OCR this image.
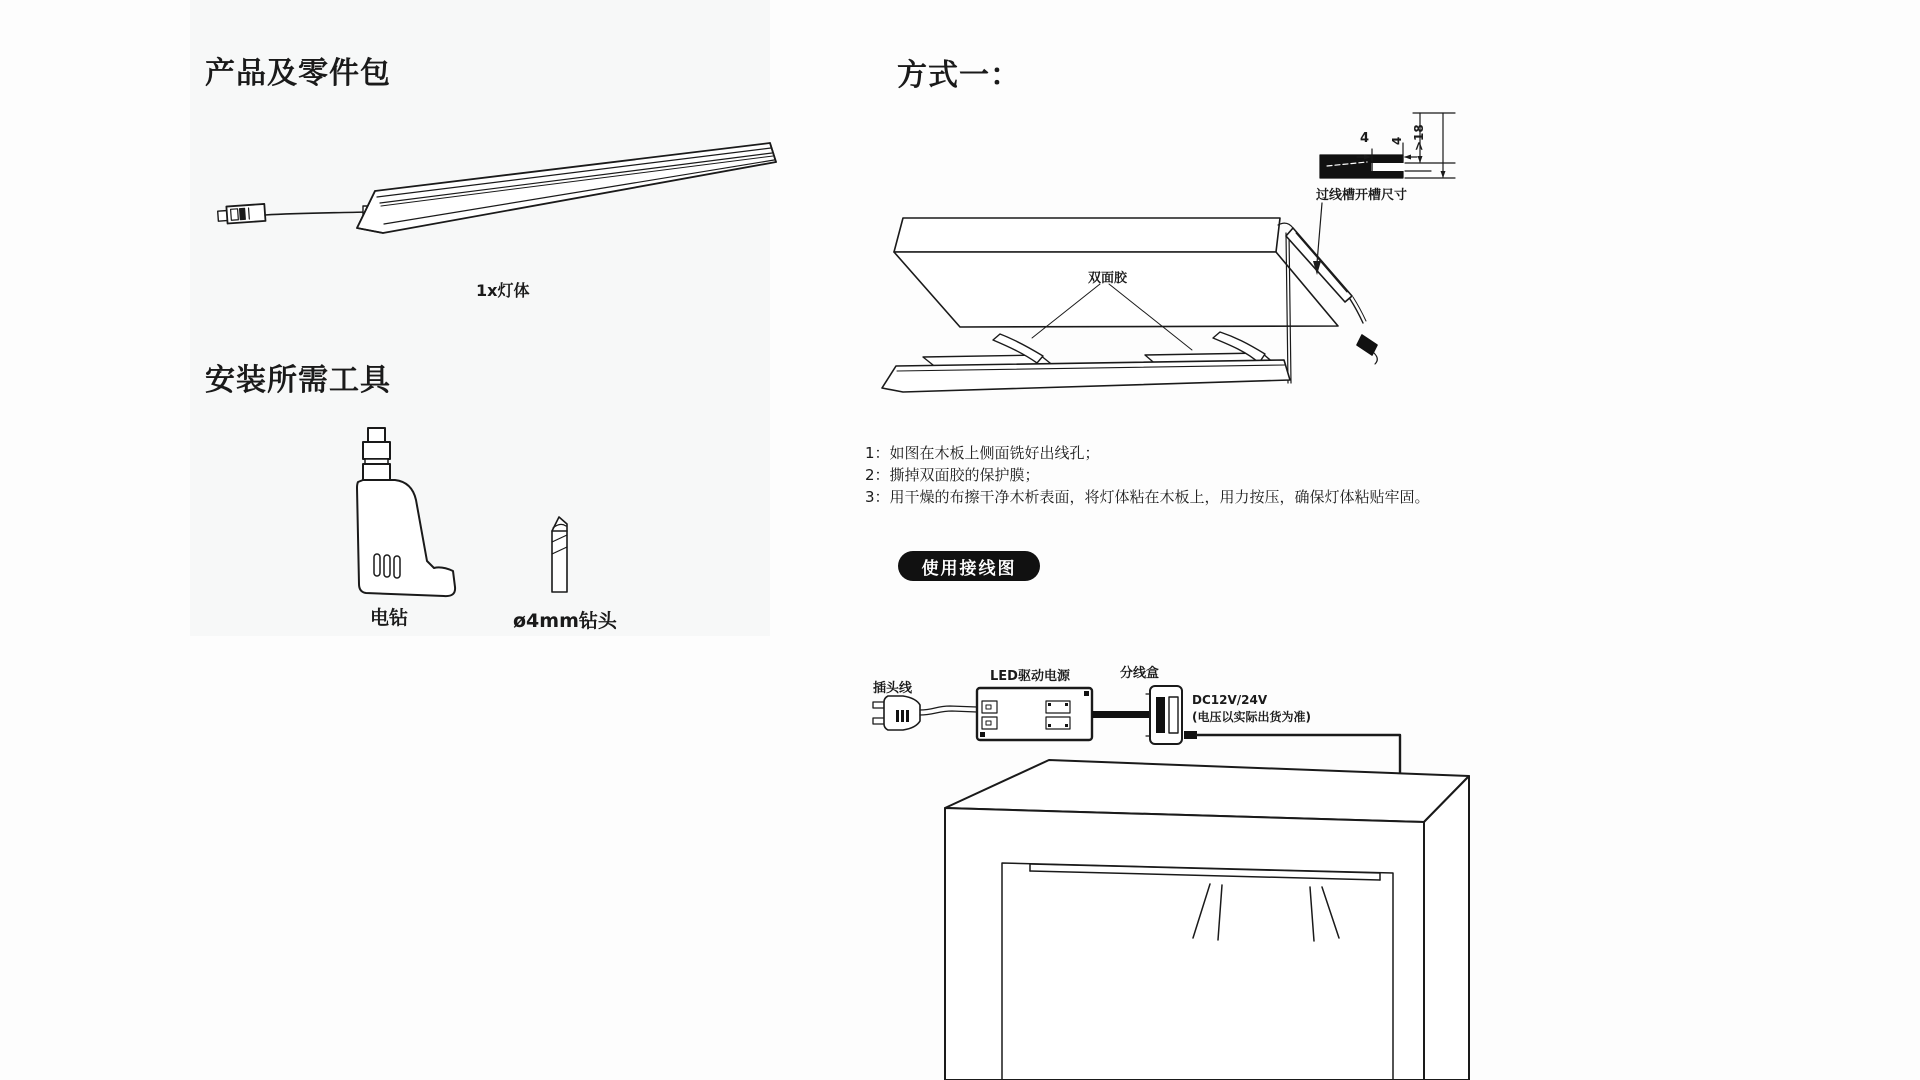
产品及零件包
1x灯体
安装所需工具
电钻	ø4mm钻头
方式一：
4 4 >18
过线槽开槽尺寸
双面胶
1：如图在木板上侧面铣好出线孔；
2：撕掉双面胶的保护膜；
3：用干燥的布擦干净木析表面，将灯体粘在木板上，用力按压，确保灯体粘贴牢固。
使用接线图
插头线
LED驱动电源	分线盒
DC12V/24V
(电压以实际出货为准)
